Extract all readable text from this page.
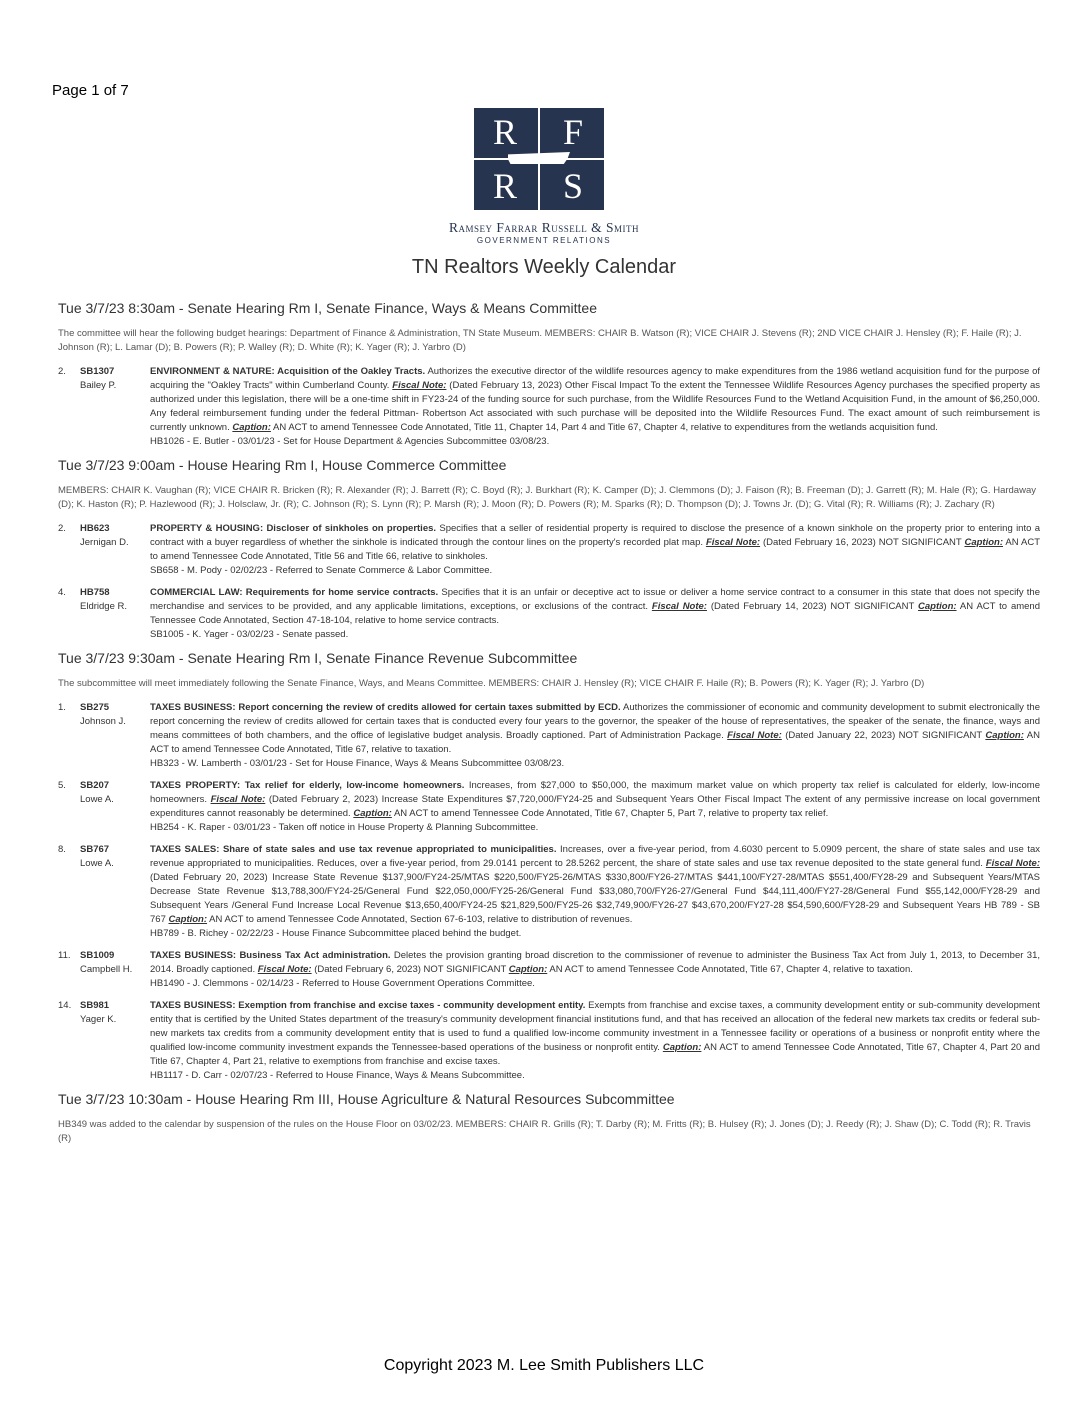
Page 1 of 7
R	F
R	S
Ramsey Farrar Russell & Smith
GOVERNMENT RELATIONS
TN Realtors Weekly Calendar
Tue 3/7/23 8:30am - Senate Hearing Rm I, Senate Finance, Ways & Means Committee
The committee will hear the following budget hearings: Department of Finance & Administration, TN State Museum. MEMBERS: CHAIR B. Watson (R); VICE CHAIR J. Stevens (R); 2ND VICE CHAIR J. Hensley (R); F. Haile (R); J. Johnson (R); L. Lamar (D); B. Powers (R); P. Walley (R); D. White (R); K. Yager (R); J. Yarbro (D)
2.	SB1307
Bailey P.
ENVIRONMENT & NATURE: Acquisition of the Oakley Tracts. Authorizes the executive director of the wildlife resources agency to make expenditures from the 1986 wetland acquisition fund for the purpose of acquiring the "Oakley Tracts" within Cumberland County. Fiscal Note: (Dated February 13, 2023) Other Fiscal Impact To the extent the Tennessee Wildlife Resources Agency purchases the specified property as authorized under this legislation, there will be a one-time shift in FY23-24 of the funding source for such purchase, from the Wildlife Resources Fund to the Wetland Acquisition Fund, in the amount of $6,250,000. Any federal reimbursement funding under the federal Pittman- Robertson Act associated with such purchase will be deposited into the Wildlife Resources Fund. The exact amount of such reimbursement is currently unknown. Caption: AN ACT to amend Tennessee Code Annotated, Title 11, Chapter 14, Part 4 and Title 67, Chapter 4, relative to expenditures from the wetlands acquisition fund.
HB1026 - E. Butler - 03/01/23 - Set for House Department & Agencies Subcommittee 03/08/23.
Tue 3/7/23 9:00am - House Hearing Rm I, House Commerce Committee
MEMBERS: CHAIR K. Vaughan (R); VICE CHAIR R. Bricken (R); R. Alexander (R); J. Barrett (R); C. Boyd (R); J. Burkhart (R); K. Camper (D); J. Clemmons (D); J. Faison (R); B. Freeman (D); J. Garrett (R); M. Hale (R); G. Hardaway (D); K. Haston (R); P. Hazlewood (R); J. Holsclaw, Jr. (R); C. Johnson (R); S. Lynn (R); P. Marsh (R); J. Moon (R); D. Powers (R); M. Sparks (R); D. Thompson (D); J. Towns Jr. (D); G. Vital (R); R. Williams (R); J. Zachary (R)
2.	HB623
Jernigan D.
PROPERTY & HOUSING: Discloser of sinkholes on properties. Specifies that a seller of residential property is required to disclose the presence of a known sinkhole on the property prior to entering into a contract with a buyer regardless of whether the sinkhole is indicated through the contour lines on the property's recorded plat map. Fiscal Note: (Dated February 16, 2023) NOT SIGNIFICANT Caption: AN ACT to amend Tennessee Code Annotated, Title 56 and Title 66, relative to sinkholes.
SB658 - M. Pody - 02/02/23 - Referred to Senate Commerce & Labor Committee.
4.	HB758
Eldridge R.
COMMERCIAL LAW: Requirements for home service contracts. Specifies that it is an unfair or deceptive act to issue or deliver a home service contract to a consumer in this state that does not specify the merchandise and services to be provided, and any applicable limitations, exceptions, or exclusions of the contract. Fiscal Note: (Dated February 14, 2023) NOT SIGNIFICANT Caption: AN ACT to amend Tennessee Code Annotated, Section 47-18-104, relative to home service contracts.
SB1005 - K. Yager - 03/02/23 - Senate passed.
Tue 3/7/23 9:30am - Senate Hearing Rm I, Senate Finance Revenue Subcommittee
The subcommittee will meet immediately following the Senate Finance, Ways, and Means Committee. MEMBERS: CHAIR J. Hensley (R); VICE CHAIR F. Haile (R); B. Powers (R); K. Yager (R); J. Yarbro (D)
1.	SB275
Johnson J.
TAXES BUSINESS: Report concerning the review of credits allowed for certain taxes submitted by ECD. Authorizes the commissioner of economic and community development to submit electronically the report concerning the review of credits allowed for certain taxes that is conducted every four years to the governor, the speaker of the house of representatives, the speaker of the senate, the finance, ways and means committees of both chambers, and the office of legislative budget analysis. Broadly captioned. Part of Administration Package. Fiscal Note: (Dated January 22, 2023) NOT SIGNIFICANT Caption: AN ACT to amend Tennessee Code Annotated, Title 67, relative to taxation.
HB323 - W. Lamberth - 03/01/23 - Set for House Finance, Ways & Means Subcommittee 03/08/23.
5.	SB207
Lowe A.
TAXES PROPERTY: Tax relief for elderly, low-income homeowners. Increases, from $27,000 to $50,000, the maximum market value on which property tax relief is calculated for elderly, low-income homeowners. Fiscal Note: (Dated February 2, 2023) Increase State Expenditures $7,720,000/FY24-25 and Subsequent Years Other Fiscal Impact The extent of any permissive increase on local government expenditures cannot reasonably be determined. Caption: AN ACT to amend Tennessee Code Annotated, Title 67, Chapter 5, Part 7, relative to property tax relief.
HB254 - K. Raper - 03/01/23 - Taken off notice in House Property & Planning Subcommittee.
8.	SB767
Lowe A.
TAXES SALES: Share of state sales and use tax revenue appropriated to municipalities. Increases, over a five-year period, from 4.6030 percent to 5.0909 percent, the share of state sales and use tax revenue appropriated to municipalities. Reduces, over a five-year period, from 29.0141 percent to 28.5262 percent, the share of state sales and use tax revenue deposited to the state general fund. Fiscal Note: (Dated February 20, 2023) Increase State Revenue $137,900/FY24-25/MTAS $220,500/FY25-26/MTAS $330,800/FY26-27/MTAS $441,100/FY27-28/MTAS $551,400/FY28-29 and Subsequent Years/MTAS Decrease State Revenue $13,788,300/FY24-25/General Fund $22,050,000/FY25-26/General Fund $33,080,700/FY26-27/General Fund $44,111,400/FY27-28/General Fund $55,142,000/FY28-29 and Subsequent Years /General Fund Increase Local Revenue $13,650,400/FY24-25 $21,829,500/FY25-26 $32,749,900/FY26-27 $43,670,200/FY27-28 $54,590,600/FY28-29 and Subsequent Years HB 789 - SB 767 Caption: AN ACT to amend Tennessee Code Annotated, Section 67-6-103, relative to distribution of revenues.
HB789 - B. Richey - 02/22/23 - House Finance Subcommittee placed behind the budget.
11. SB1009
Campbell H.
TAXES BUSINESS: Business Tax Act administration. Deletes the provision granting broad discretion to the commissioner of revenue to administer the Business Tax Act from July 1, 2013, to December 31, 2014. Broadly captioned. Fiscal Note: (Dated February 6, 2023) NOT SIGNIFICANT Caption: AN ACT to amend Tennessee Code Annotated, Title 67, Chapter 4, relative to taxation.
HB1490 - J. Clemmons - 02/14/23 - Referred to House Government Operations Committee.
14. SB981
Yager K.
TAXES BUSINESS: Exemption from franchise and excise taxes - community development entity. Exempts from franchise and excise taxes, a community development entity or sub-community development entity that is certified by the United States department of the treasury's community development financial institutions fund, and that has received an allocation of the federal new markets tax credits or federal sub-new markets tax credits from a community development entity that is used to fund a qualified low-income community investment in a Tennessee facility or operations of a business or nonprofit entity where the qualified low-income community investment expands the Tennessee-based operations of the business or nonprofit entity. Caption: AN ACT to amend Tennessee Code Annotated, Title 67, Chapter 4, Part 20 and Title 67, Chapter 4, Part 21, relative to exemptions from franchise and excise taxes.
HB1117 - D. Carr - 02/07/23 - Referred to House Finance, Ways & Means Subcommittee.
Tue 3/7/23 10:30am - House Hearing Rm III, House Agriculture & Natural Resources Subcommittee
HB349 was added to the calendar by suspension of the rules on the House Floor on 03/02/23. MEMBERS: CHAIR R. Grills (R); T. Darby (R); M. Fritts (R); B. Hulsey (R); J. Jones (D); J. Reedy (R); J. Shaw (D); C. Todd (R); R. Travis (R)
Copyright 2023 M. Lee Smith Publishers LLC
